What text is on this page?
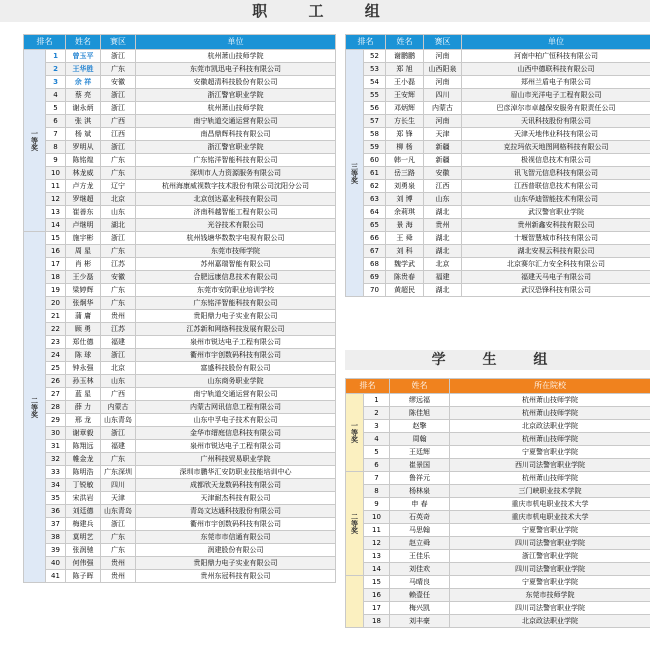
职 工 组
学 生 组
排名		姓名	赛区	单位
一等奖	1	曾玉平	浙江	杭州萧山技师学院
	2	王华胜	广东	东莞市凯迅电子科技有限公司
	3	余 祥	安徽	安徽超清科技股份有限公司
	4	蔡 亮	浙江	浙江警官职业学院
	5	谢永炳	浙江	杭州萧山技师学院
	6	张 淇	广西	南宁轨道交通运营有限公司
	7	杨 斌	江西	南昌鼎辉科技有限公司
	8	罗明从	浙江	浙江警官职业学院
	9	陈铭煌	广东	广东铭洋智能科技有限公司
	10	林龙威	广东	深圳市人力资源服务有限公司
	11	卢方龙	辽宁	杭州海康威视数字技术股份有限公司沈阳分公司
	12	罗继超	北京	北京创达嘉业科技有限公司
	13	崔善东	山东	济南科越智能工程有限公司
	14	卢继明	湖北	光谷技术有限公司
二等奖	15	施宇彬	浙江	杭州钱塘华数数字电视有限公司
	16	周 星	广东	东莞市技师学院
	17	肖 彬	江苏	苏州嘉瑞智能有限公司
	18	王少磊	安徽	合肥远康信息技术有限公司
	19	梁婷辉	广东	东莞市安防职业培训学校
	20	张炯华	广东	广东铭洋智能科技有限公司
	21	蒲 庸	贵州	贵阳鼎力电子实业有限公司
	22	顾 勇	江苏	江苏新和网络科技发展有限公司
	23	郑仕德	福建	泉州市锐达电子工程有限公司
	24	陈 球	浙江	衢州市宇创数码科技有限公司
	25	钟永强	北京	富盛科技股份有限公司
	26	孙玉林	山东	山东商务职业学院
	27	蓝 星	广西	南宁轨道交通运营有限公司
	28	薛 力	内蒙古	内蒙古网讯信息工程有限公司
	29	邢 龙	山东青岛	山东中孚电子技术有限公司
	30	谢章毅	浙江	金华市缙庭信息科技有限公司
	31	陈翔远	福建	泉州市锐达电子工程有限公司
	32	帷金龙	广东	广州科技贸易职业学院
	33	陈明浩	广东深圳	深圳市鹏华汇安防职业技能培训中心
	34	丁锐敏	四川	成都欣天龙数码科技有限公司
	35	宋洪岩	天津	天津耐杰科技有限公司
	36	刘廷德	山东青岛	青岛文达通科技股份有限公司
	37	梅建兵	浙江	衢州市宇创数码科技有限公司
	38	莫明艺	广东	东莞市市信通有限公司
	39	张润驰	广东	润建股份有限公司
	40	何伟强	贵州	贵阳鼎力电子实业有限公司
	41	陈子晖	贵州	贵州东冠科技有限公司
排名		姓名	赛区	单位
三等奖	52	谢鹏鹏	河南	河南中柏广恒科技有限公司
	53	郑 旭	山西阳泉	山西中德联科技有限公司
	54	王小磊	河南	郑州兰盾电子有限公司
	55	王安辉	四川	眉山市光洋电子工程有限公司
	56	邓炳辉	内蒙古	巴彦淖尔市卓越保安服务有限责任公司
	57	方长生	河南	天讯科技股份有限公司
	58	郑 锋	天津	天津天地伟业科技有限公司
	59	柳 杨	新疆	克拉玛依天地图网格科技有限公司
	60	韩一凡	新疆	极视信息技术有限公司
	61	岳三路	安徽	讯飞智元信息科技有限公司
	62	刘勇泉	江西	江西普联信息技术有限公司
	63	刘 博	山东	山东华迪智能技术有限公司
	64	余莉琪	湖北	武汉警官职业学院
	65	景 海	贵州	贵州新鑫安科技有限公司
	66	王 舜	湖北	十堰智慧城市科技有限公司
	67	刘 科	湖北	湖北安视云科技有限公司
	68	魏学武	北京	北京赛尔汇力安全科技有限公司
	69	陈贵春	福建	福建天马电子有限公司
	70	黄超民	湖北	武汉恐锋科技有限公司
排名		姓名	所在院校
一等奖	1	缪远福	杭州萧山技师学院
	2	陈佳旭	杭州萧山技师学院
	3	赵擎	北京政法职业学院
	4	周翰	杭州萧山技师学院
	5	王廷辉	宁夏警官职业学院
	6	崔景国	西川司法警官职业学院
二等奖	7	鲁祥元	杭州萧山技师学院
	8	杨林泉	三门峡职业技术学院
	9	申 春	重庆市机电职业技术大学
	10	石英奇	重庆市机电职业技术大学
	11	马思翰	宁夏警官职业学院
	12	赵立舜	四川司法警官职业学院
	13	王佳乐	浙江警官职业学院
	14	刘佳欢	四川司法警官职业学院
	15	马晴良	宁夏警官职业学院
	16	赖壹任	东莞市技师学院
	17	梅兴凯	四川司法警官职业学院
	18	刘丰豪	北京政法职业学院
